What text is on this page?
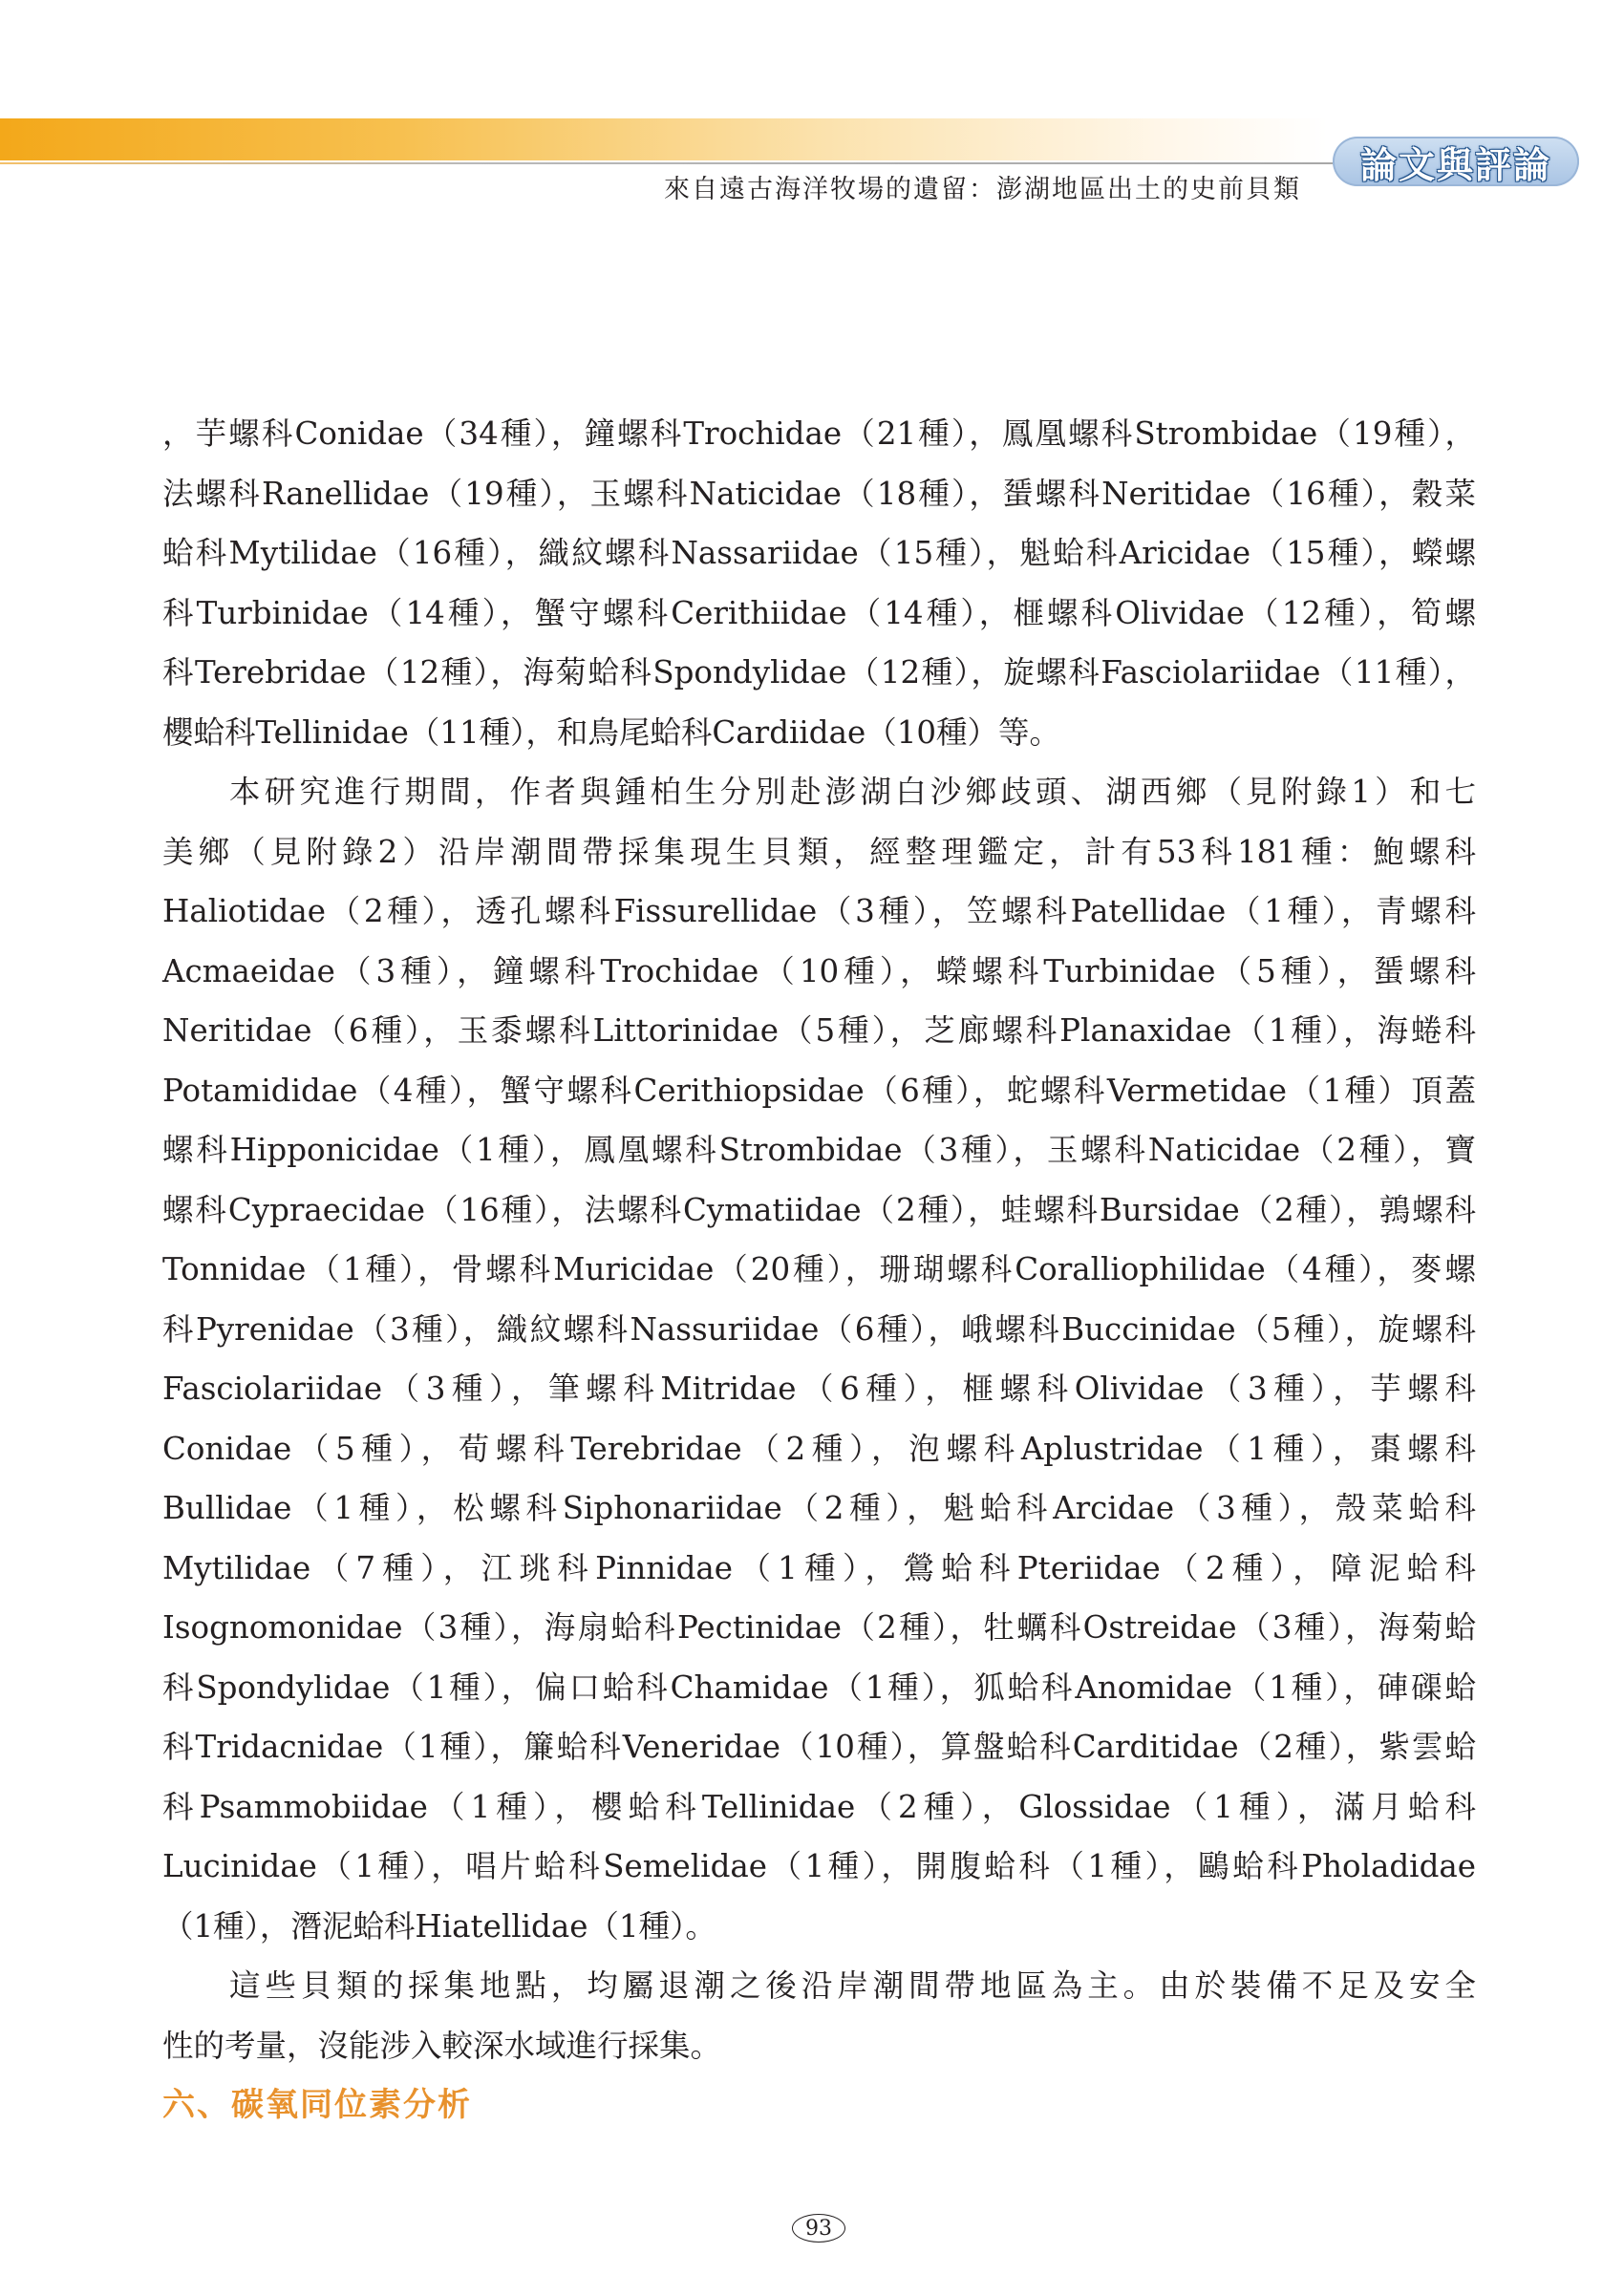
來自遠古海洋牧場的遺留：澎湖地區出土的史前貝類
論文與評論
，芋螺科Conidae（34種），鐘螺科Trochidae（21種），鳳凰螺科Strombidae（19種），
法螺科Ranellidae（19種），玉螺科Naticidae（18種），蜑螺科Neritidae（16種），穀菜
蛤科Mytilidae（16種），織紋螺科Nassariidae（15種），魁蛤科Aricidae（15種），蠑螺
科Turbinidae（14種），蟹守螺科Cerithiidae（14種），榧螺科Olividae（12種），筍螺
科Terebridae（12種），海菊蛤科Spondylidae（12種），旋螺科Fasciolariidae（11種），
櫻蛤科Tellinidae（11種），和鳥尾蛤科Cardiidae（10種）等。
本研究進行期間，作者與鍾柏生分別赴澎湖白沙鄉歧頭、湖西鄉（見附錄1）和七
美鄉（見附錄2）沿岸潮間帶採集現生貝類，經整理鑑定，計有53科181種：鮑螺科
Haliotidae（2種），透孔螺科Fissurellidae（3種），笠螺科Patellidae（1種），青螺科
Acmaeidae（3種），鐘螺科Trochidae（10種），蠑螺科Turbinidae（5種），蜑螺科
Neritidae（6種），玉黍螺科Littorinidae（5種），芝廊螺科Planaxidae（1種），海蜷科
Potamididae（4種），蟹守螺科Cerithiopsidae（6種），蛇螺科Vermetidae（1種）頂蓋
螺科Hipponicidae（1種），鳳凰螺科Strombidae（3種），玉螺科Naticidae（2種），寶
螺科Cypraecidae（16種），法螺科Cymatiidae（2種），蛙螺科Bursidae（2種），鶉螺科
Tonnidae（1種），骨螺科Muricidae（20種），珊瑚螺科Coralliophilidae（4種），麥螺
科Pyrenidae（3種），織紋螺科Nassuriidae（6種），峨螺科Buccinidae（5種），旋螺科
Fasciolariidae（3種），筆螺科Mitridae（6種），榧螺科Olividae（3種），芋螺科
Conidae（5種），荀螺科Terebridae（2種），泡螺科Aplustridae（1種），棗螺科
Bullidae（1種），松螺科Siphonariidae（2種），魁蛤科Arcidae（3種），殼菜蛤科
Mytilidae（7種），江珧科Pinnidae（1種），鶯蛤科Pteriidae（2種），障泥蛤科
Isognomonidae（3種），海扇蛤科Pectinidae（2種），牡蠣科Ostreidae（3種），海菊蛤
科Spondylidae（1種），偏口蛤科Chamidae（1種），狐蛤科Anomidae（1種），硨磲蛤
科Tridacnidae（1種），簾蛤科Veneridae（10種），算盤蛤科Carditidae（2種），紫雲蛤
科Psammobiidae（1種），櫻蛤科Tellinidae（2種），Glossidae（1種），滿月蛤科
Lucinidae（1種），唱片蛤科Semelidae（1種），開腹蛤科（1種），鷗蛤科Pholadidae
（1種），潛泥蛤科Hiatellidae（1種）。
這些貝類的採集地點，均屬退潮之後沿岸潮間帶地區為主。由於裝備不足及安全
性的考量，沒能涉入較深水域進行採集。
六、碳氧同位素分析
93
